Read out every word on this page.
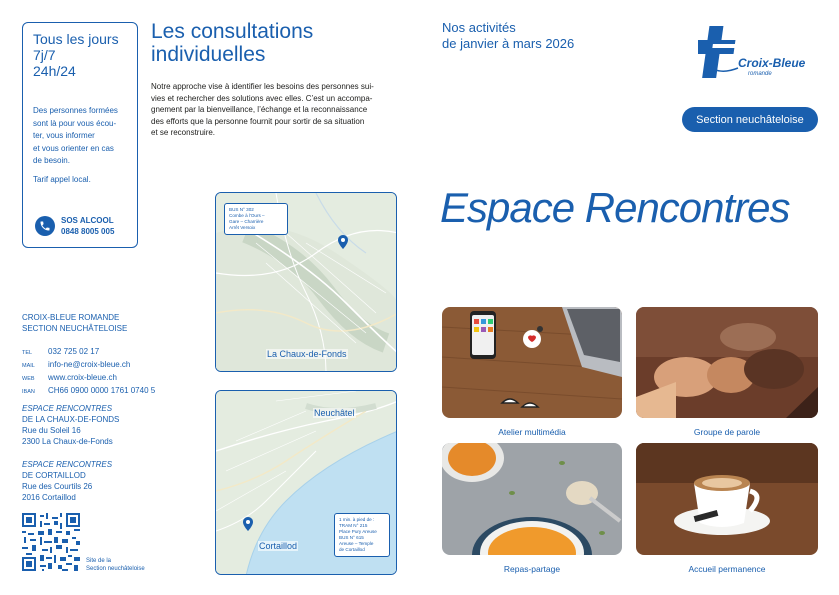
Tous les jours
7j/7
24h/24
Des personnes formées
sont là pour vous écou-
ter, vous informer
et vous orienter en cas
de besoin.
Tarif appel local.
SOS ALCOOL
0848 8005 005
CROIX-BLEUE ROMANDE
SECTION NEUCHÂTELOISE
TEL	032 725 02 17
MAIL	info-ne@croix-bleue.ch
WEB	www.croix-bleue.ch
IBAN	CH66 0900 0000 1761 0740 5
ESPACE RENCONTRES
DE LA CHAUX-DE-FONDS
Rue du Soleil 16
2300 La Chaux-de-Fonds
ESPACE RENCONTRES
DE CORTAILLOD
Rue des Courtils 26
2016 Cortaillod
Site de la
Section neuchâteloise
Les consultations
individuelles
Notre approche vise à identifier les besoins des personnes sui-
vies et rechercher des solutions avec elles. C’est un accompa-
gnement par la bienveillance, l’échange et la reconnaissance
des efforts que la personne fournit pour sortir de sa situation
et se reconstruire.
BUS N° 302
Combe à l'Ours –
Gare – Charrière
Arrêt Versoix
La Chaux-de-Fonds
Neuchâtel
Cortaillod
1 min. à pied de :
TRAM N° 215
Place Pury Areuse
BUS N° 615
Areuse – Temple
de Cortaillod
Nos activités
de janvier à mars 2026
Croix-Bleue
romande
Section neuchâteloise
Espace Rencontres
Atelier multimédia	Groupe de parole
Repas-partage	Accueil permanence
